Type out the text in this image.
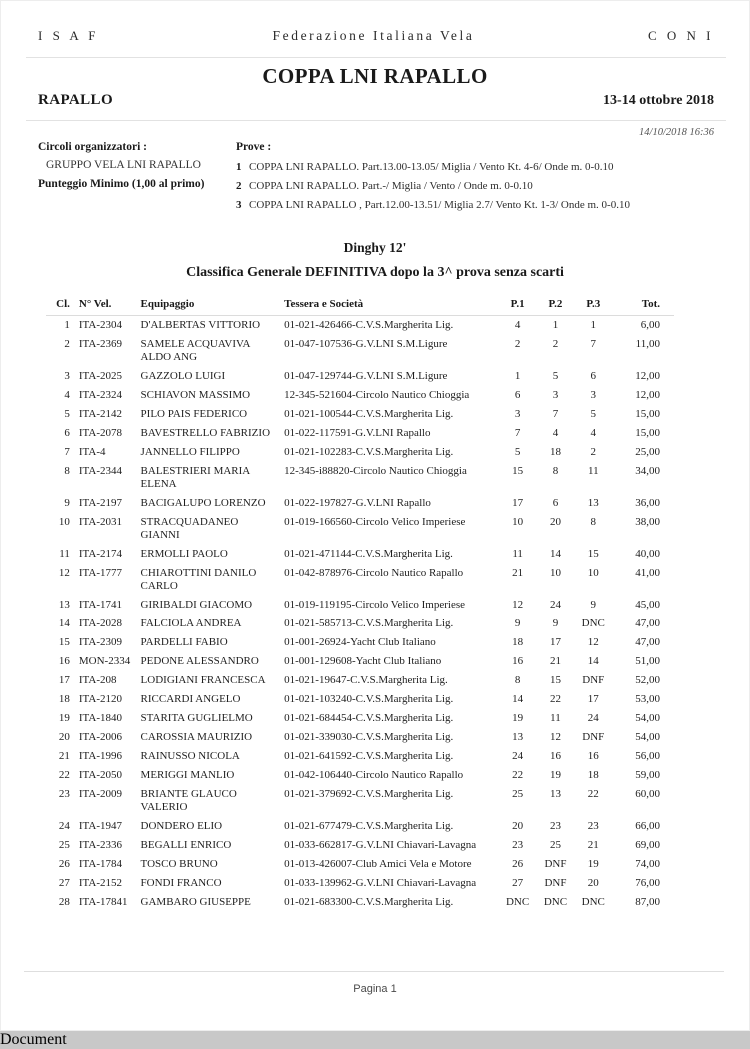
I S A F	Federazione Italiana Vela	C O N I
COPPA LNI RAPALLO
RAPALLO	13-14 ottobre 2018
14/10/2018 16:36
Circoli organizzatori :
GRUPPO VELA LNI RAPALLO
Punteggio Minimo (1,00 al primo)
Prove :
1 COPPA LNI RAPALLO. Part.13.00-13.05/ Miglia / Vento Kt. 4-6/ Onde m. 0-0.10
2 COPPA LNI RAPALLO. Part.-/ Miglia / Vento / Onde m. 0-0.10
3 COPPA LNI RAPALLO , Part.12.00-13.51/ Miglia 2.7/ Vento Kt. 1-3/ Onde m. 0-0.10
Dinghy 12'
Classifica Generale DEFINITIVA dopo la 3^ prova senza scarti
Cl.	N° Vel.	Equipaggio	Tessera e Società	P.1	P.2	P.3	Tot.
1	ITA-2304	D'ALBERTAS VITTORIO	01-021-426466-C.V.S.Margherita Lig.	4	1	1	6,00
2	ITA-2369	SAMELE ACQUAVIVA ALDO ANG	01-047-107536-G.V.LNI S.M.Ligure	2	2	7	11,00
3	ITA-2025	GAZZOLO LUIGI	01-047-129744-G.V.LNI S.M.Ligure	1	5	6	12,00
4	ITA-2324	SCHIAVON MASSIMO	12-345-521604-Circolo Nautico Chioggia	6	3	3	12,00
5	ITA-2142	PILO PAIS FEDERICO	01-021-100544-C.V.S.Margherita Lig.	3	7	5	15,00
6	ITA-2078	BAVESTRELLO FABRIZIO	01-022-117591-G.V.LNI Rapallo	7	4	4	15,00
7	ITA-4	JANNELLO FILIPPO	01-021-102283-C.V.S.Margherita Lig.	5	18	2	25,00
8	ITA-2344	BALESTRIERI MARIA ELENA	12-345-i88820-Circolo Nautico Chioggia	15	8	11	34,00
9	ITA-2197	BACIGALUPO LORENZO	01-022-197827-G.V.LNI Rapallo	17	6	13	36,00
10	ITA-2031	STRACQUADANEO GIANNI	01-019-166560-Circolo Velico Imperiese	10	20	8	38,00
11	ITA-2174	ERMOLLI PAOLO	01-021-471144-C.V.S.Margherita Lig.	11	14	15	40,00
12	ITA-1777	CHIAROTTINI DANILO CARLO	01-042-878976-Circolo Nautico Rapallo	21	10	10	41,00
13	ITA-1741	GIRIBALDI GIACOMO	01-019-119195-Circolo Velico Imperiese	12	24	9	45,00
14	ITA-2028	FALCIOLA ANDREA	01-021-585713-C.V.S.Margherita Lig.	9	9	DNC	47,00
15	ITA-2309	PARDELLI FABIO	01-001-26924-Yacht Club Italiano	18	17	12	47,00
16	MON-2334	PEDONE ALESSANDRO	01-001-129608-Yacht Club Italiano	16	21	14	51,00
17	ITA-208	LODIGIANI FRANCESCA	01-021-19647-C.V.S.Margherita Lig.	8	15	DNF	52,00
18	ITA-2120	RICCARDI ANGELO	01-021-103240-C.V.S.Margherita Lig.	14	22	17	53,00
19	ITA-1840	STARITA GUGLIELMO	01-021-684454-C.V.S.Margherita Lig.	19	11	24	54,00
20	ITA-2006	CAROSSIA MAURIZIO	01-021-339030-C.V.S.Margherita Lig.	13	12	DNF	54,00
21	ITA-1996	RAINUSSO NICOLA	01-021-641592-C.V.S.Margherita Lig.	24	16	16	56,00
22	ITA-2050	MERIGGI MANLIO	01-042-106440-Circolo Nautico Rapallo	22	19	18	59,00
23	ITA-2009	BRIANTE GLAUCO VALERIO	01-021-379692-C.V.S.Margherita Lig.	25	13	22	60,00
24	ITA-1947	DONDERO ELIO	01-021-677479-C.V.S.Margherita Lig.	20	23	23	66,00
25	ITA-2336	BEGALLI ENRICO	01-033-662817-G.V.LNI Chiavari-Lavagna	23	25	21	69,00
26	ITA-1784	TOSCO BRUNO	01-013-426007-Club Amici Vela e Motore	26	DNF	19	74,00
27	ITA-2152	FONDI FRANCO	01-033-139962-G.V.LNI Chiavari-Lavagna	27	DNF	20	76,00
28	ITA-17841	GAMBARO GIUSEPPE	01-021-683300-C.V.S.Margherita Lig.	DNC	DNC	DNC	87,00
Pagina 1
Document
